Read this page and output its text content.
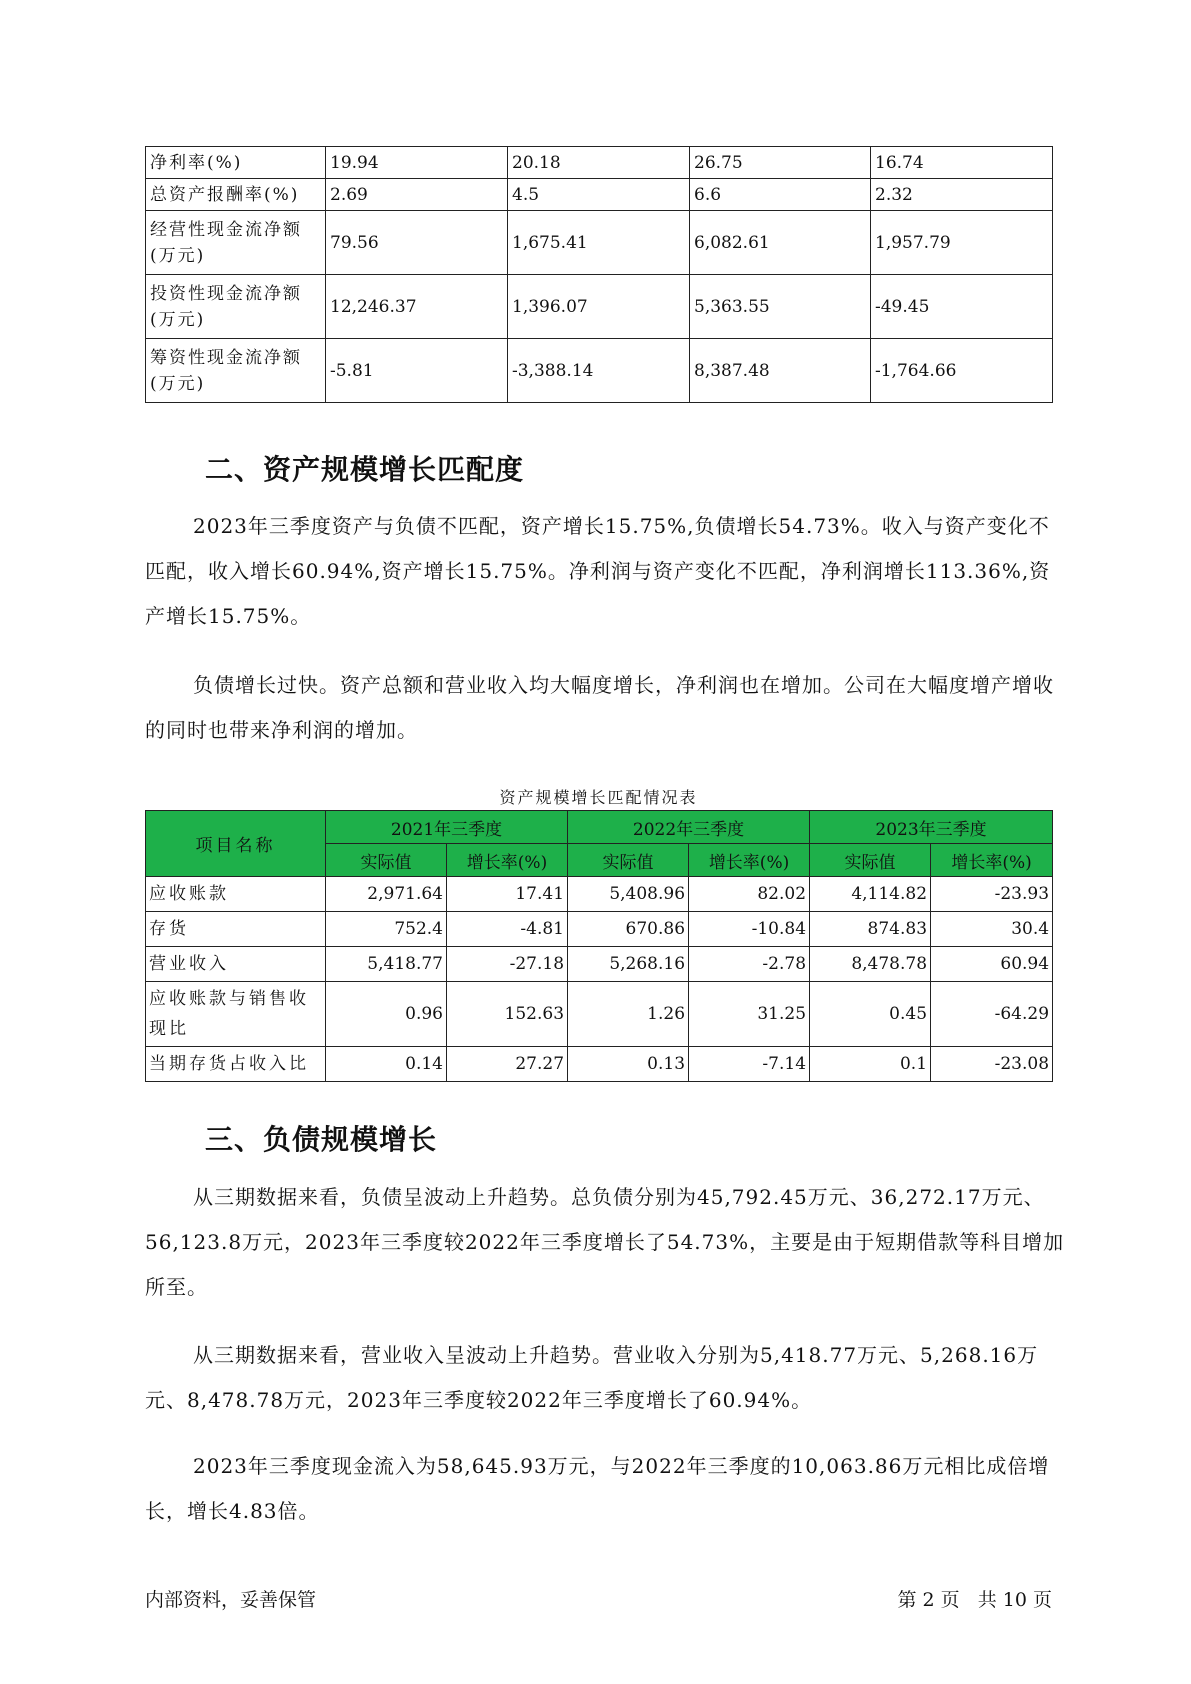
净利率(%)	19.94	20.18	26.75	16.74
总资产报酬率(%)	2.69	4.5	6.6	2.32
经营性现金流净额(万元)	79.56	1,675.41	6,082.61	1,957.79
投资性现金流净额(万元)	12,246.37	1,396.07	5,363.55	-49.45
筹资性现金流净额(万元)	-5.81	-3,388.14	8,387.48	-1,764.66
二、资产规模增长匹配度

2023年三季度资产与负债不匹配，资产增长15.75%,负债增长54.73%。收入与资产变化不匹配，收入增长60.94%,资产增长15.75%。净利润与资产变化不匹配，净利润增长113.36%,资产增长15.75%。

负债增长过快。资产总额和营业收入均大幅度增长，净利润也在增加。公司在大幅度增产增收的同时也带来净利润的增加。

资产规模增长匹配情况表
项目名称	2021年三季度		2022年三季度		2023年三季度	
	实际值	增长率(%)	实际值	增长率(%)	实际值	增长率(%)
应收账款	2,971.64	17.41	5,408.96	82.02	4,114.82	-23.93
存货	752.4	-4.81	670.86	-10.84	874.83	30.4
营业收入	5,418.77	-27.18	5,268.16	-2.78	8,478.78	60.94
应收账款与销售收现比	0.96	152.63	1.26	31.25	0.45	-64.29
当期存货占收入比	0.14	27.27	0.13	-7.14	0.1	-23.08
三、负债规模增长

从三期数据来看，负债呈波动上升趋势。总负债分别为45,792.45万元、36,272.17万元、56,123.8万元，2023年三季度较2022年三季度增长了54.73%，主要是由于短期借款等科目增加所至。

从三期数据来看，营业收入呈波动上升趋势。营业收入分别为5,418.77万元、5,268.16万元、8,478.78万元，2023年三季度较2022年三季度增长了60.94%。

2023年三季度现金流入为58,645.93万元，与2022年三季度的10,063.86万元相比成倍增长，增长4.83倍。

内部资料，妥善保管	第 2 页   共 10 页
